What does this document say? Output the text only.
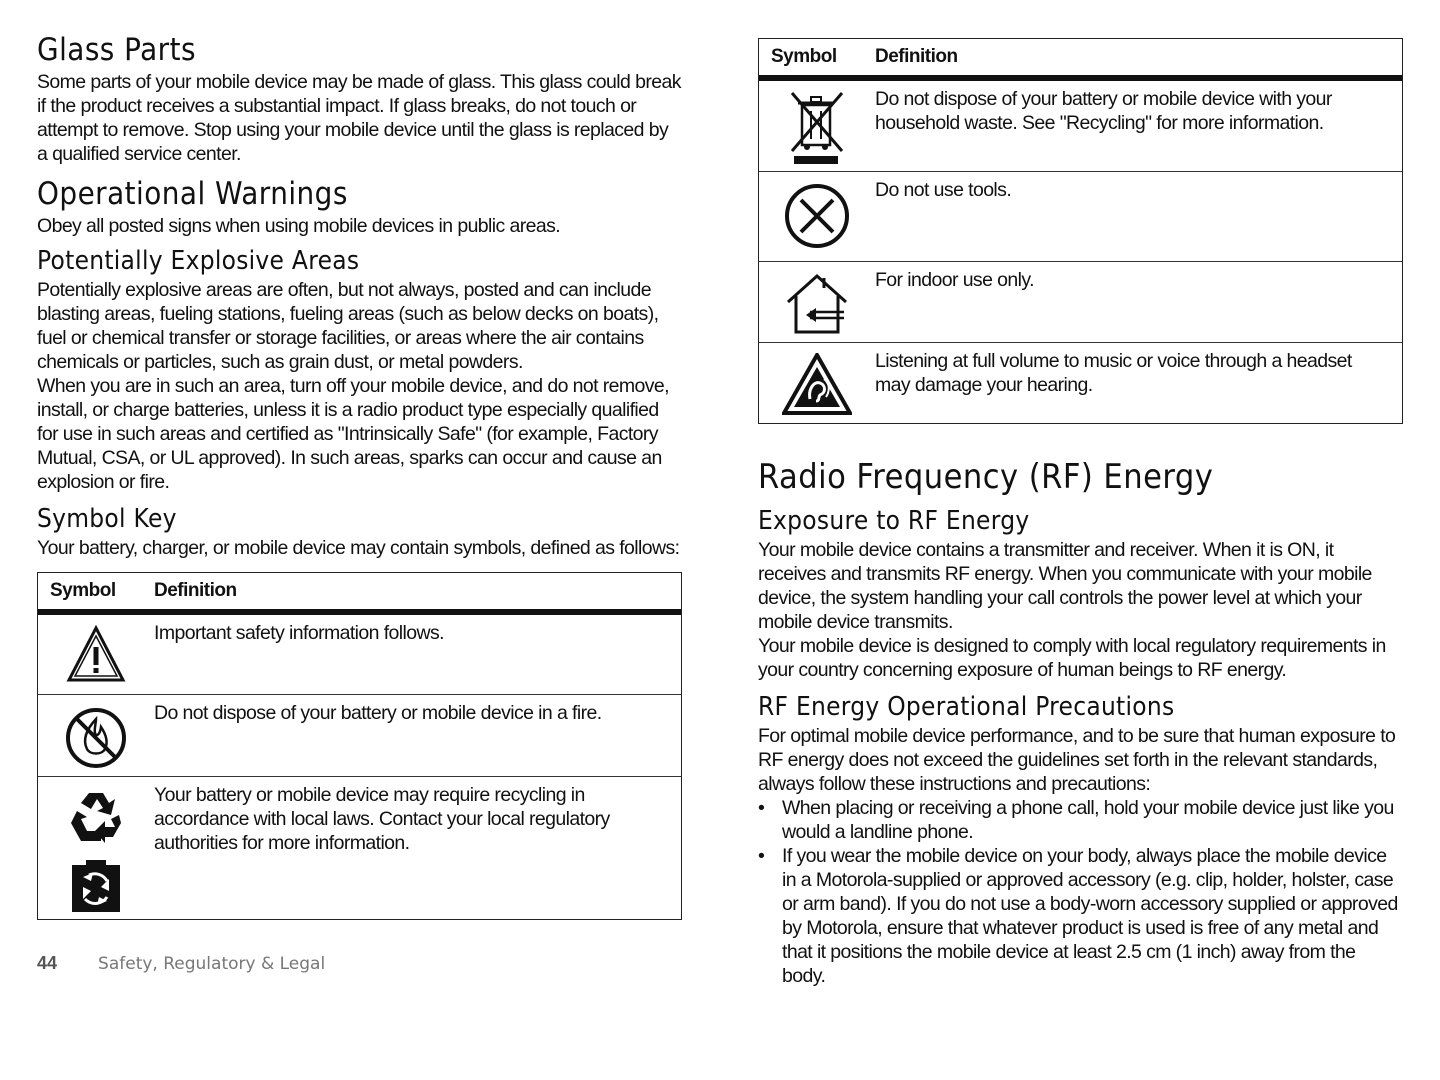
Glass Parts

Some parts of your mobile device may be made of glass. This glass could break if the product receives a substantial impact. If glass breaks, do not touch or attempt to remove. Stop using your mobile device until the glass is replaced by a qualified service center.

Operational Warnings

Obey all posted signs when using mobile devices in public areas.

Potentially Explosive Areas

Potentially explosive areas are often, but not always, posted and can include blasting areas, fueling stations, fueling areas (such as below decks on boats), fuel or chemical transfer or storage facilities, or areas where the air contains chemicals or particles, such as grain dust, or metal powders.

When you are in such an area, turn off your mobile device, and do not remove, install, or charge batteries, unless it is a radio product type especially qualified for use in such areas and certified as "Intrinsically Safe" (for example, Factory Mutual, CSA, or UL approved). In such areas, sparks can occur and cause an explosion or fire.

Symbol Key

Your battery, charger, or mobile device may contain symbols, defined as follows:

Symbol	Definition
Important safety information follows.
Do not dispose of your battery or mobile device in a fire.
Your battery or mobile device may require recycling in accordance with local laws. Contact your local regulatory authorities for more information.
Symbol	Definition
Do not dispose of your battery or mobile device with your household waste. See "Recycling" for more information.
Do not use tools.
For indoor use only.
Listening at full volume to music or voice through a headset may damage your hearing.
Radio Frequency (RF) Energy
Exposure to RF Energy

Your mobile device contains a transmitter and receiver. When it is ON, it receives and transmits RF energy. When you communicate with your mobile device, the system handling your call controls the power level at which your mobile device transmits.

Your mobile device is designed to comply with local regulatory requirements in your country concerning exposure of human beings to RF energy.

RF Energy Operational Precautions

For optimal mobile device performance, and to be sure that human exposure to RF energy does not exceed the guidelines set forth in the relevant standards, always follow these instructions and precautions:

• When placing or receiving a phone call, hold your mobile device just like you would a landline phone.
• If you wear the mobile device on your body, always place the mobile device in a Motorola-supplied or approved accessory (e.g. clip, holder, holster, case or arm band). If you do not use a body-worn accessory supplied or approved by Motorola, ensure that whatever product is used is free of any metal and that it positions the mobile device at least 2.5 cm (1 inch) away from the body.
44 Safety, Regulatory & Legal
